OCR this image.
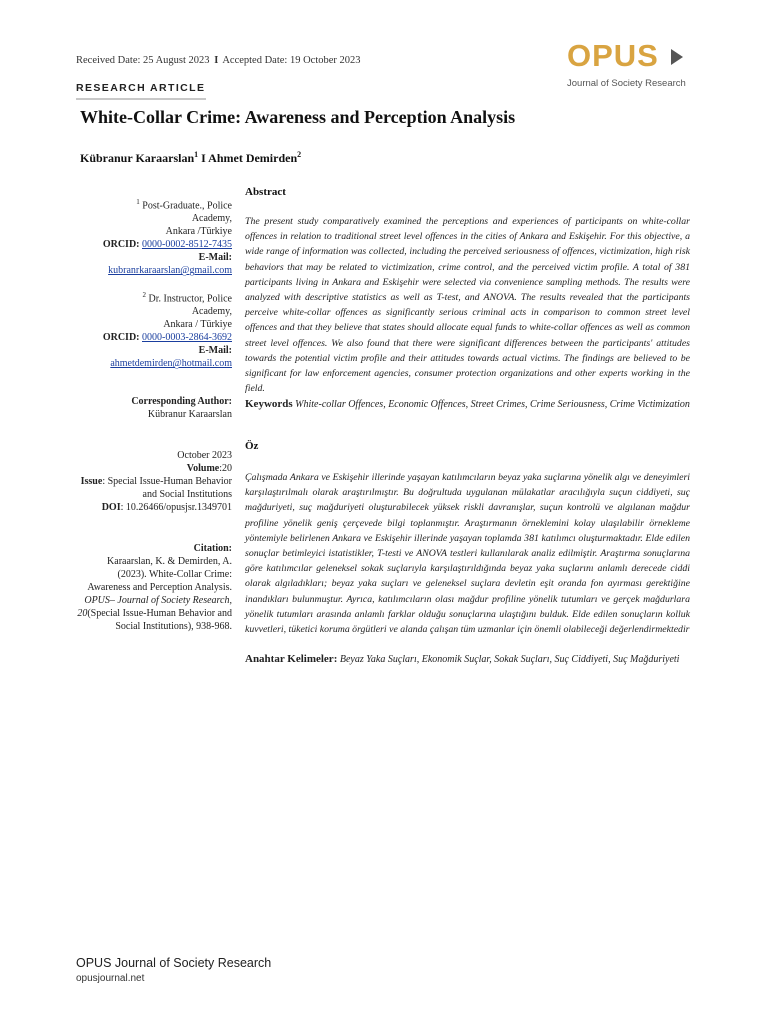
Received Date: 25 August 2023 I Accepted Date: 19 October 2023
RESEARCH ARTICLE
OPUS
Journal of Society Research
White-Collar Crime: Awareness and Perception Analysis
Kübranur Karaarslan$^1$ I Ahmet Demirden$^2$

$^1$ Post-Graduate., Police

Academy,

Ankara /Türkiye

ORCID: 0000-0002-8512-7435

E-Mail:

kubranrkaraarslan@gmail.com

$^2$ Dr. Instructor, Police

Academy,

Ankara / Türkiye

ORCID: 0000-0003-2864-3692

E-Mail:

ahmetdemirden@hotmail.com

Corresponding Author:

Kübranur Karaarslan

October 2023

Volume:20

Issue: Special Issue-Human Behavior and Social Institutions

DOI: 10.26466/opusjsr.1349701

Citation:

Karaarslan, K. & Demirden, A. (2023). White-Collar Crime: Awareness and Perception Analysis. OPUS– Journal of Society Research, 20(Special Issue-Human Behavior and Social Institutions), 938-968.

Abstract
The present study comparatively examined the perceptions and experiences of participants on white-collar offences in relation to traditional street level offences in the cities of Ankara and Eskişehir. For this objective, a wide range of information was collected, including the perceived seriousness of offences, victimization, high risk behaviors that may be related to victimization, crime control, and the perceived victim profile. A total of 381 participants living in Ankara and Eskişehir were selected via convenience sampling methods. The results were analyzed with descriptive statistics as well as T-test, and ANOVA. The results revealed that the participants perceive white-collar offences as significantly serious criminal acts in comparison to common street level offences and that they believe that states should allocate equal funds to white-collar offences as well as common street level offences. We also found that there were significant differences between the participants' attitudes towards the potential victim profile and their attitudes towards actual victims. The findings are believed to be significant for law enforcement agencies, consumer protection organizations and other experts working in the field.
Keywords White-collar Offences, Economic Offences, Street Crimes, Crime Seriousness, Crime Victimization
Öz
Çalışmada Ankara ve Eskişehir illerinde yaşayan katılımcıların beyaz yaka suçlarına yönelik algı ve deneyimleri karşılaştırılmalı olarak araştırılmıştır. Bu doğrultuda uygulanan mülakatlar aracılığıyla suçun ciddiyeti, suç mağduriyeti, suç mağduriyeti oluşturabilecek yüksek riskli davranışlar, suçun kontrolü ve algılanan mağdur profiline yönelik geniş çerçevede bilgi toplanmıştır. Araştırmanın örneklemini kolay ulaşılabilir örnekleme yöntemiyle belirlenen Ankara ve Eskişehir illerinde yaşayan toplamda 381 katılımcı oluşturmaktadır. Elde edilen sonuçlar betimleyici istatistikler, T-testi ve ANOVA testleri kullanılarak analiz edilmiştir. Araştırma sonuçlarına göre katılımcılar geleneksel sokak suçlarıyla karşılaştırıldığında beyaz yaka suçlarını anlamlı derecede ciddi olarak algıladıkları; beyaz yaka suçları ve geleneksel suçlara devletin eşit oranda fon ayırması gerektiğine inandıkları bulunmuştur. Ayrıca, katılımcıların olası mağdur profiline yönelik tutumları ve gerçek mağdurlara yönelik tutumları arasında anlamlı farklar olduğu sonuçlarına ulaştığını bulduk. Elde edilen sonuçların kolluk kuvvetleri, tüketici koruma örgütleri ve alanda çalışan tüm uzmanlar için önemli olabileceği değerlendirmektedir
Anahtar Kelimeler: Beyaz Yaka Suçları, Ekonomik Suçlar, Sokak Suçları, Suç Ciddiyeti, Suç Mağduriyeti
OPUS Journal of Society Research
opusjournal.net
